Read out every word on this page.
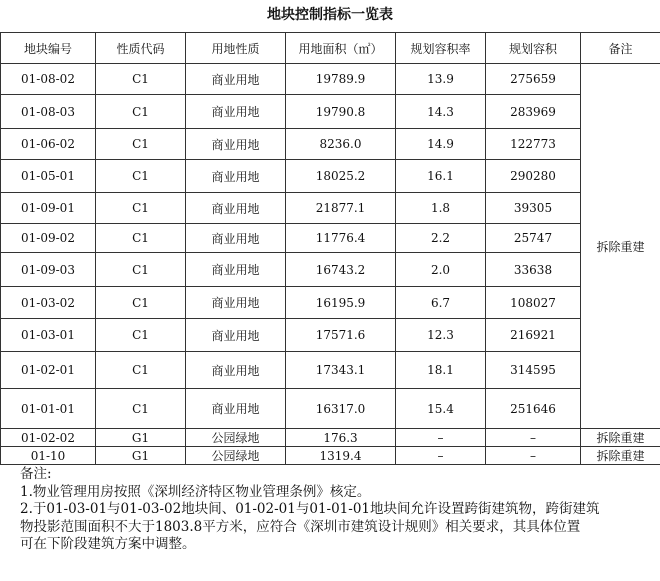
地块控制指标一览表
地块编号	性质代码	用地性质	用地面积（㎡）	规划容积率	规划容积	备注
01-08-02	C1	商业用地	19789.9	13.9	275659	拆除重建
01-08-03	C1	商业用地	19790.8	14.3	283969	
01-06-02	C1	商业用地	8236.0	14.9	122773	
01-05-01	C1	商业用地	18025.2	16.1	290280	
01-09-01	C1	商业用地	21877.1	1.8	39305	
01-09-02	C1	商业用地	11776.4	2.2	25747	
01-09-03	C1	商业用地	16743.2	2.0	33638	
01-03-02	C1	商业用地	16195.9	6.7	108027	
01-03-01	C1	商业用地	17571.6	12.3	216921	
01-02-01	C1	商业用地	17343.1	18.1	314595	
01-01-01	C1	商业用地	16317.0	15.4	251646	
01-02-02	G1	公园绿地	176.3	–	–	拆除重建
01-10	G1	公园绿地	1319.4	–	–	拆除重建
备注:
1.物业管理用房按照《深圳经济特区物业管理条例》核定。
2.于01-03-01与01-03-02地块间、01-02-01与01-01-01地块间允许设置跨街建筑物，跨街建筑
物投影范围面积不大于1803.8平方米，应符合《深圳市建筑设计规则》相关要求，其具体位置
可在下阶段建筑方案中调整。
